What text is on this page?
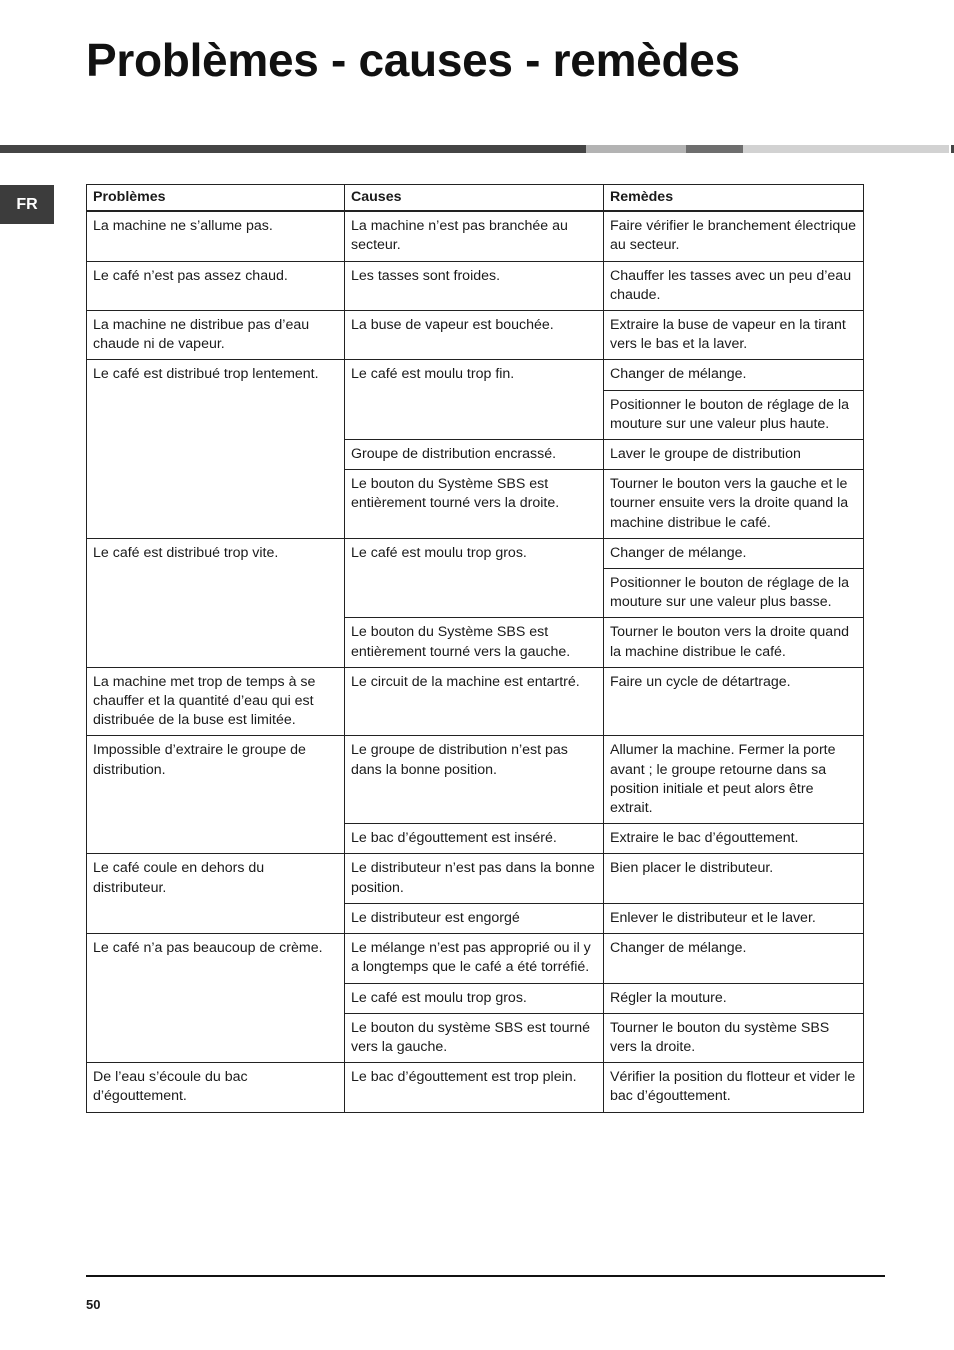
Problèmes - causes - remèdes
FR	Problèmes	Causes	Remèdes
La machine ne s’allume pas.	La machine n’est pas branchée au secteur.	Faire vérifier le branchement électrique au secteur.
Le café n’est pas assez chaud.	Les tasses sont froides.	Chauffer les tasses avec un peu d’eau chaude.
La machine ne distribue pas d’eau chaude ni de vapeur.	La buse de vapeur est bouchée.	Extraire la buse de vapeur en la tirant vers le bas et la laver.
Le café est distribué trop lentement.	Le café est moulu trop fin.	Changer de mélange.
		Positionner le bouton de réglage de la mouture sur une valeur plus haute.
	Groupe de distribution encrassé.	Laver le groupe de distribution
	Le bouton du Système SBS est entièrement tourné vers la droite.	Tourner le bouton vers la gauche et le tourner ensuite vers la droite quand la machine distribue le café.
Le café est distribué trop vite.	Le café est moulu trop gros.	Changer de mélange.
		Positionner le bouton de réglage de la mouture sur une valeur plus basse.
	Le bouton du Système SBS est entièrement tourné vers la gauche.	Tourner le bouton vers la droite quand la machine distribue le café.
La machine met trop de temps à se chauffer et la quantité d’eau qui est distribuée de la buse est limitée.	Le circuit de la machine est entartré.	Faire un cycle de détartrage.
Impossible d’extraire le groupe de distribution.	Le groupe de distribution n’est pas dans la bonne position.	Allumer la machine. Fermer la porte avant ; le groupe retourne dans sa position initiale et peut alors être extrait.
	Le bac d’égouttement est inséré.	Extraire le bac d’égouttement.
Le café coule en dehors du distributeur.	Le distributeur n’est pas dans la bonne position.	Bien placer le distributeur.
	Le distributeur est engorgé	Enlever le distributeur et le laver.
Le café n’a pas beaucoup de crème.	Le mélange n’est pas approprié ou il y a longtemps que le café a été torréfié.	Changer de mélange.
	Le café est moulu trop gros.	Régler la mouture.
	Le bouton du système SBS est tourné vers la gauche.	Tourner le bouton du système SBS vers la droite.
De l’eau s’écoule du bac d’égouttement.	Le bac d’égouttement est trop plein.	Vérifier la position du flotteur et vider le bac d’égouttement.
50
